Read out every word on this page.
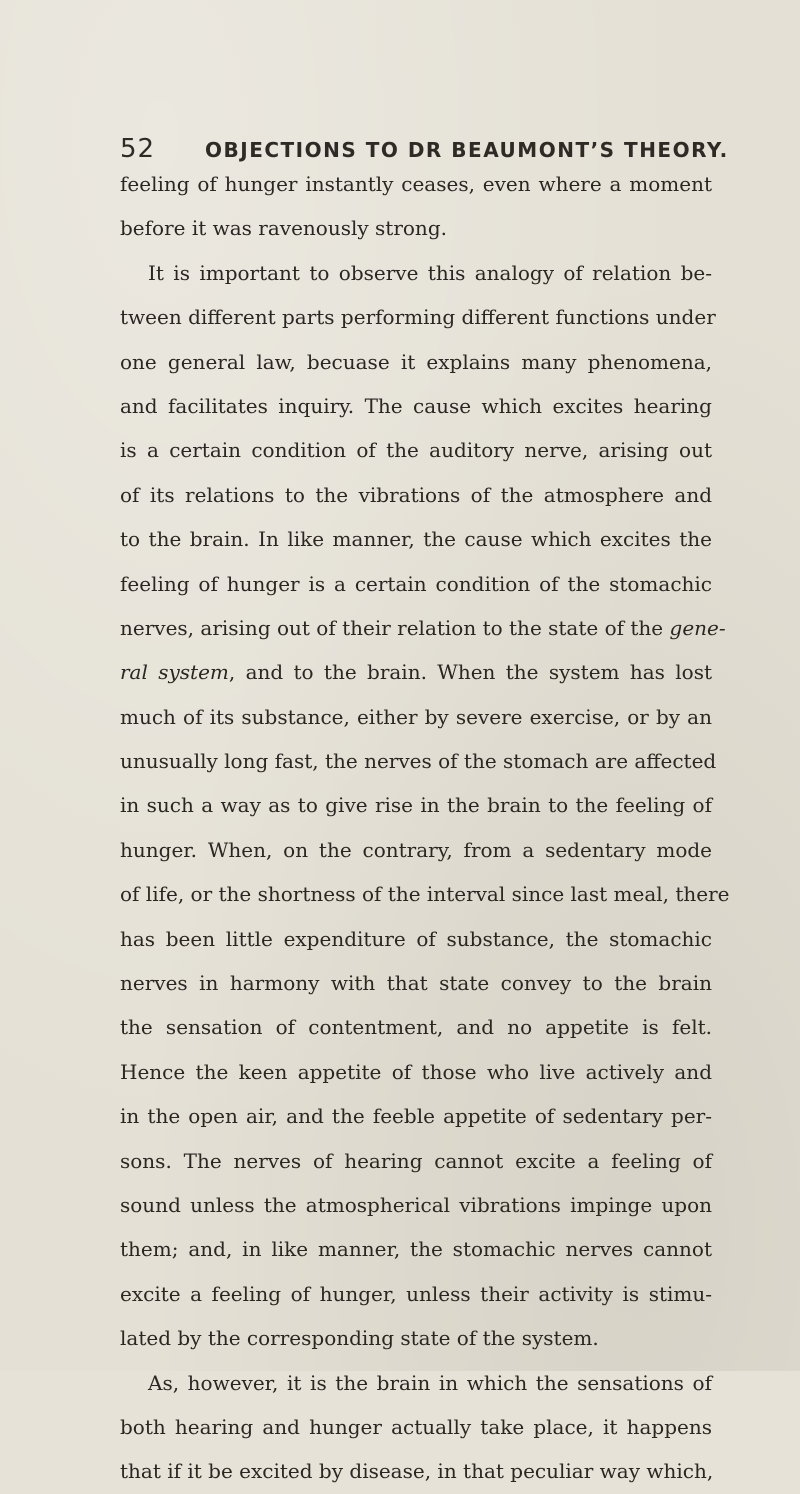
52 OBJECTIONS TO DR BEAUMONT’S THEORY.
feeling of hunger instantly ceases, even where a moment
before it was ravenously strong.
It is important to observe this analogy of relation be-
tween different parts performing different functions under
one general law, becuase it explains many phenomena,
and facilitates inquiry. The cause which excites hearing
is a certain condition of the auditory nerve, arising out
of its relations to the vibrations of the atmosphere and
to the brain. In like manner, the cause which excites the
feeling of hunger is a certain condition of the stomachic
nerves, arising out of their relation to the state of the gene-
ral system, and to the brain. When the system has lost
much of its substance, either by severe exercise, or by an
unusually long fast, the nerves of the stomach are affected
in such a way as to give rise in the brain to the feeling of
hunger. When, on the contrary, from a sedentary mode
of life, or the shortness of the interval since last meal, there
has been little expenditure of substance, the stomachic
nerves in harmony with that state convey to the brain
the sensation of contentment, and no appetite is felt.
Hence the keen appetite of those who live actively and
in the open air, and the feeble appetite of sedentary per-
sons. The nerves of hearing cannot excite a feeling of
sound unless the atmospherical vibrations impinge upon
them; and, in like manner, the stomachic nerves cannot
excite a feeling of hunger, unless their activity is stimu-
lated by the corresponding state of the system.
As, however, it is the brain in which the sensations of
both hearing and hunger actually take place, it happens
that if it be excited by disease, in that peculiar way which,
